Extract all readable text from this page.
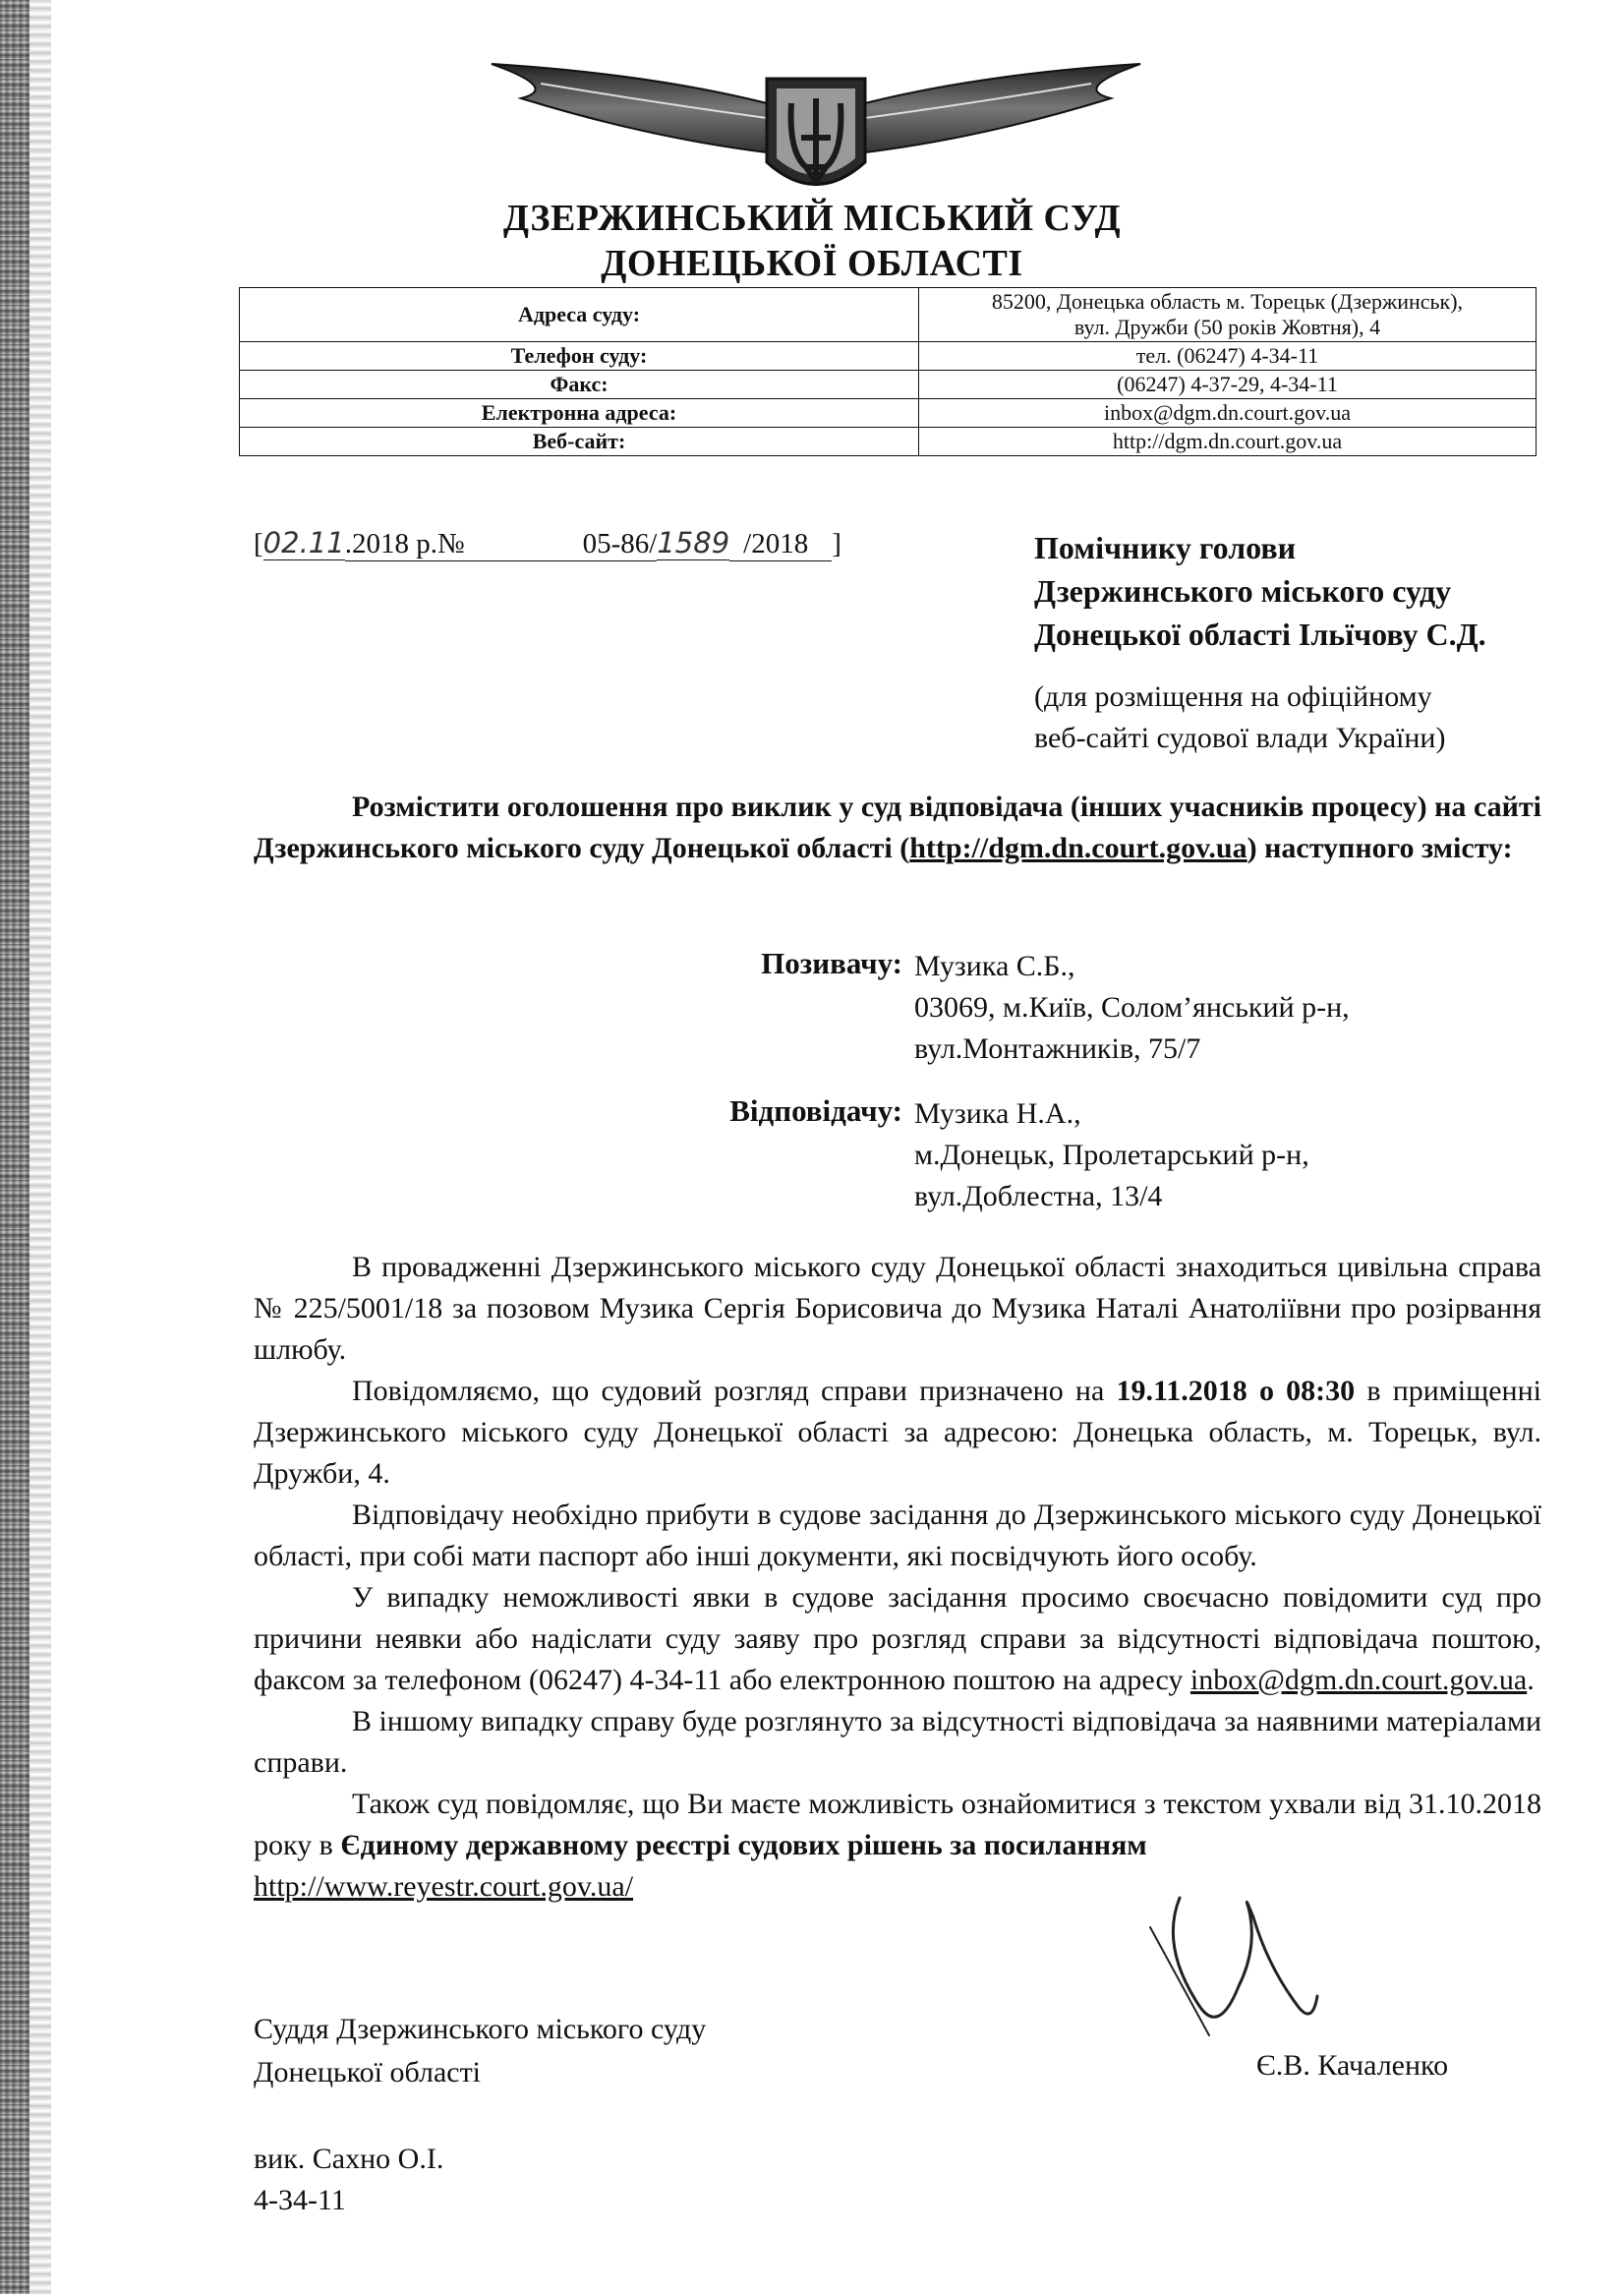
ДЗЕРЖИНСЬКИЙ МІСЬКИЙ СУД
ДОНЕЦЬКОЇ ОБЛАСТІ
Адреса суду:	85200, Донецька область м. Торецьк (Дзержинськ),
вул. Дружби (50 років Жовтня), 4

Телефон суду:	тел. (06247) 4-34-11
Факс:	(06247) 4-37-29, 4-34-11
Електронна адреса:	inbox@dgm.dn.court.gov.ua
Веб-сайт:	http://dgm.dn.court.gov.ua
[02.11.2018 р.№	05-86/1589 /2018 ]	Помічнику голови
Дзержинського міського суду
Донецької області Ільїчову С.Д.
(для розміщення на офіційному
веб-сайті судової влади України)
Розмістити оголошення про виклик у суд відповідача (інших учасників процесу) на сайті Дзержинського міського суду Донецької області (http://dgm.dn.court.gov.ua) наступного змісту:
Позивачу: Музика С.Б.,
03069, м.Київ, Солом’янський р-н,
вул.Монтажників, 75/7
Відповідачу: Музика Н.А.,
м.Донецьк, Пролетарський р-н,
вул.Доблестна, 13/4

В провадженні Дзержинського міського суду Донецької області знаходиться цивільна справа № 225/5001/18 за позовом Музика Сергія Борисовича до Музика Наталі Анатоліївни про розірвання шлюбу.

Повідомляємо, що судовий розгляд справи призначено на 19.11.2018 о 08:30 в приміщенні Дзержинського міського суду Донецької області за адресою: Донецька область, м. Торецьк, вул. Дружби, 4.

Відповідачу необхідно прибути в судове засідання до Дзержинського міського суду Донецької області, при собі мати паспорт або інші документи, які посвідчують його особу.

У випадку неможливості явки в судове засідання просимо своєчасно повідомити суд про причини неявки або надіслати суду заяву про розгляд справи за відсутності відповідача поштою, факсом за телефоном (06247) 4-34-11 або електронною поштою на адресу inbox@dgm.dn.court.gov.ua.

В іншому випадку справу буде розглянуто за відсутності відповідача за наявними матеріалами справи.

Також суд повідомляє, що Ви маєте можливість ознайомитися з текстом ухвали від 31.10.2018 року в Єдиному державному реєстрі судових рішень за посиланням
http://www.reyestr.court.gov.ua/

Суддя Дзержинського міського суду
Донецької області	Є.В. Качаленко
вик. Сахно О.І.
4-34-11
